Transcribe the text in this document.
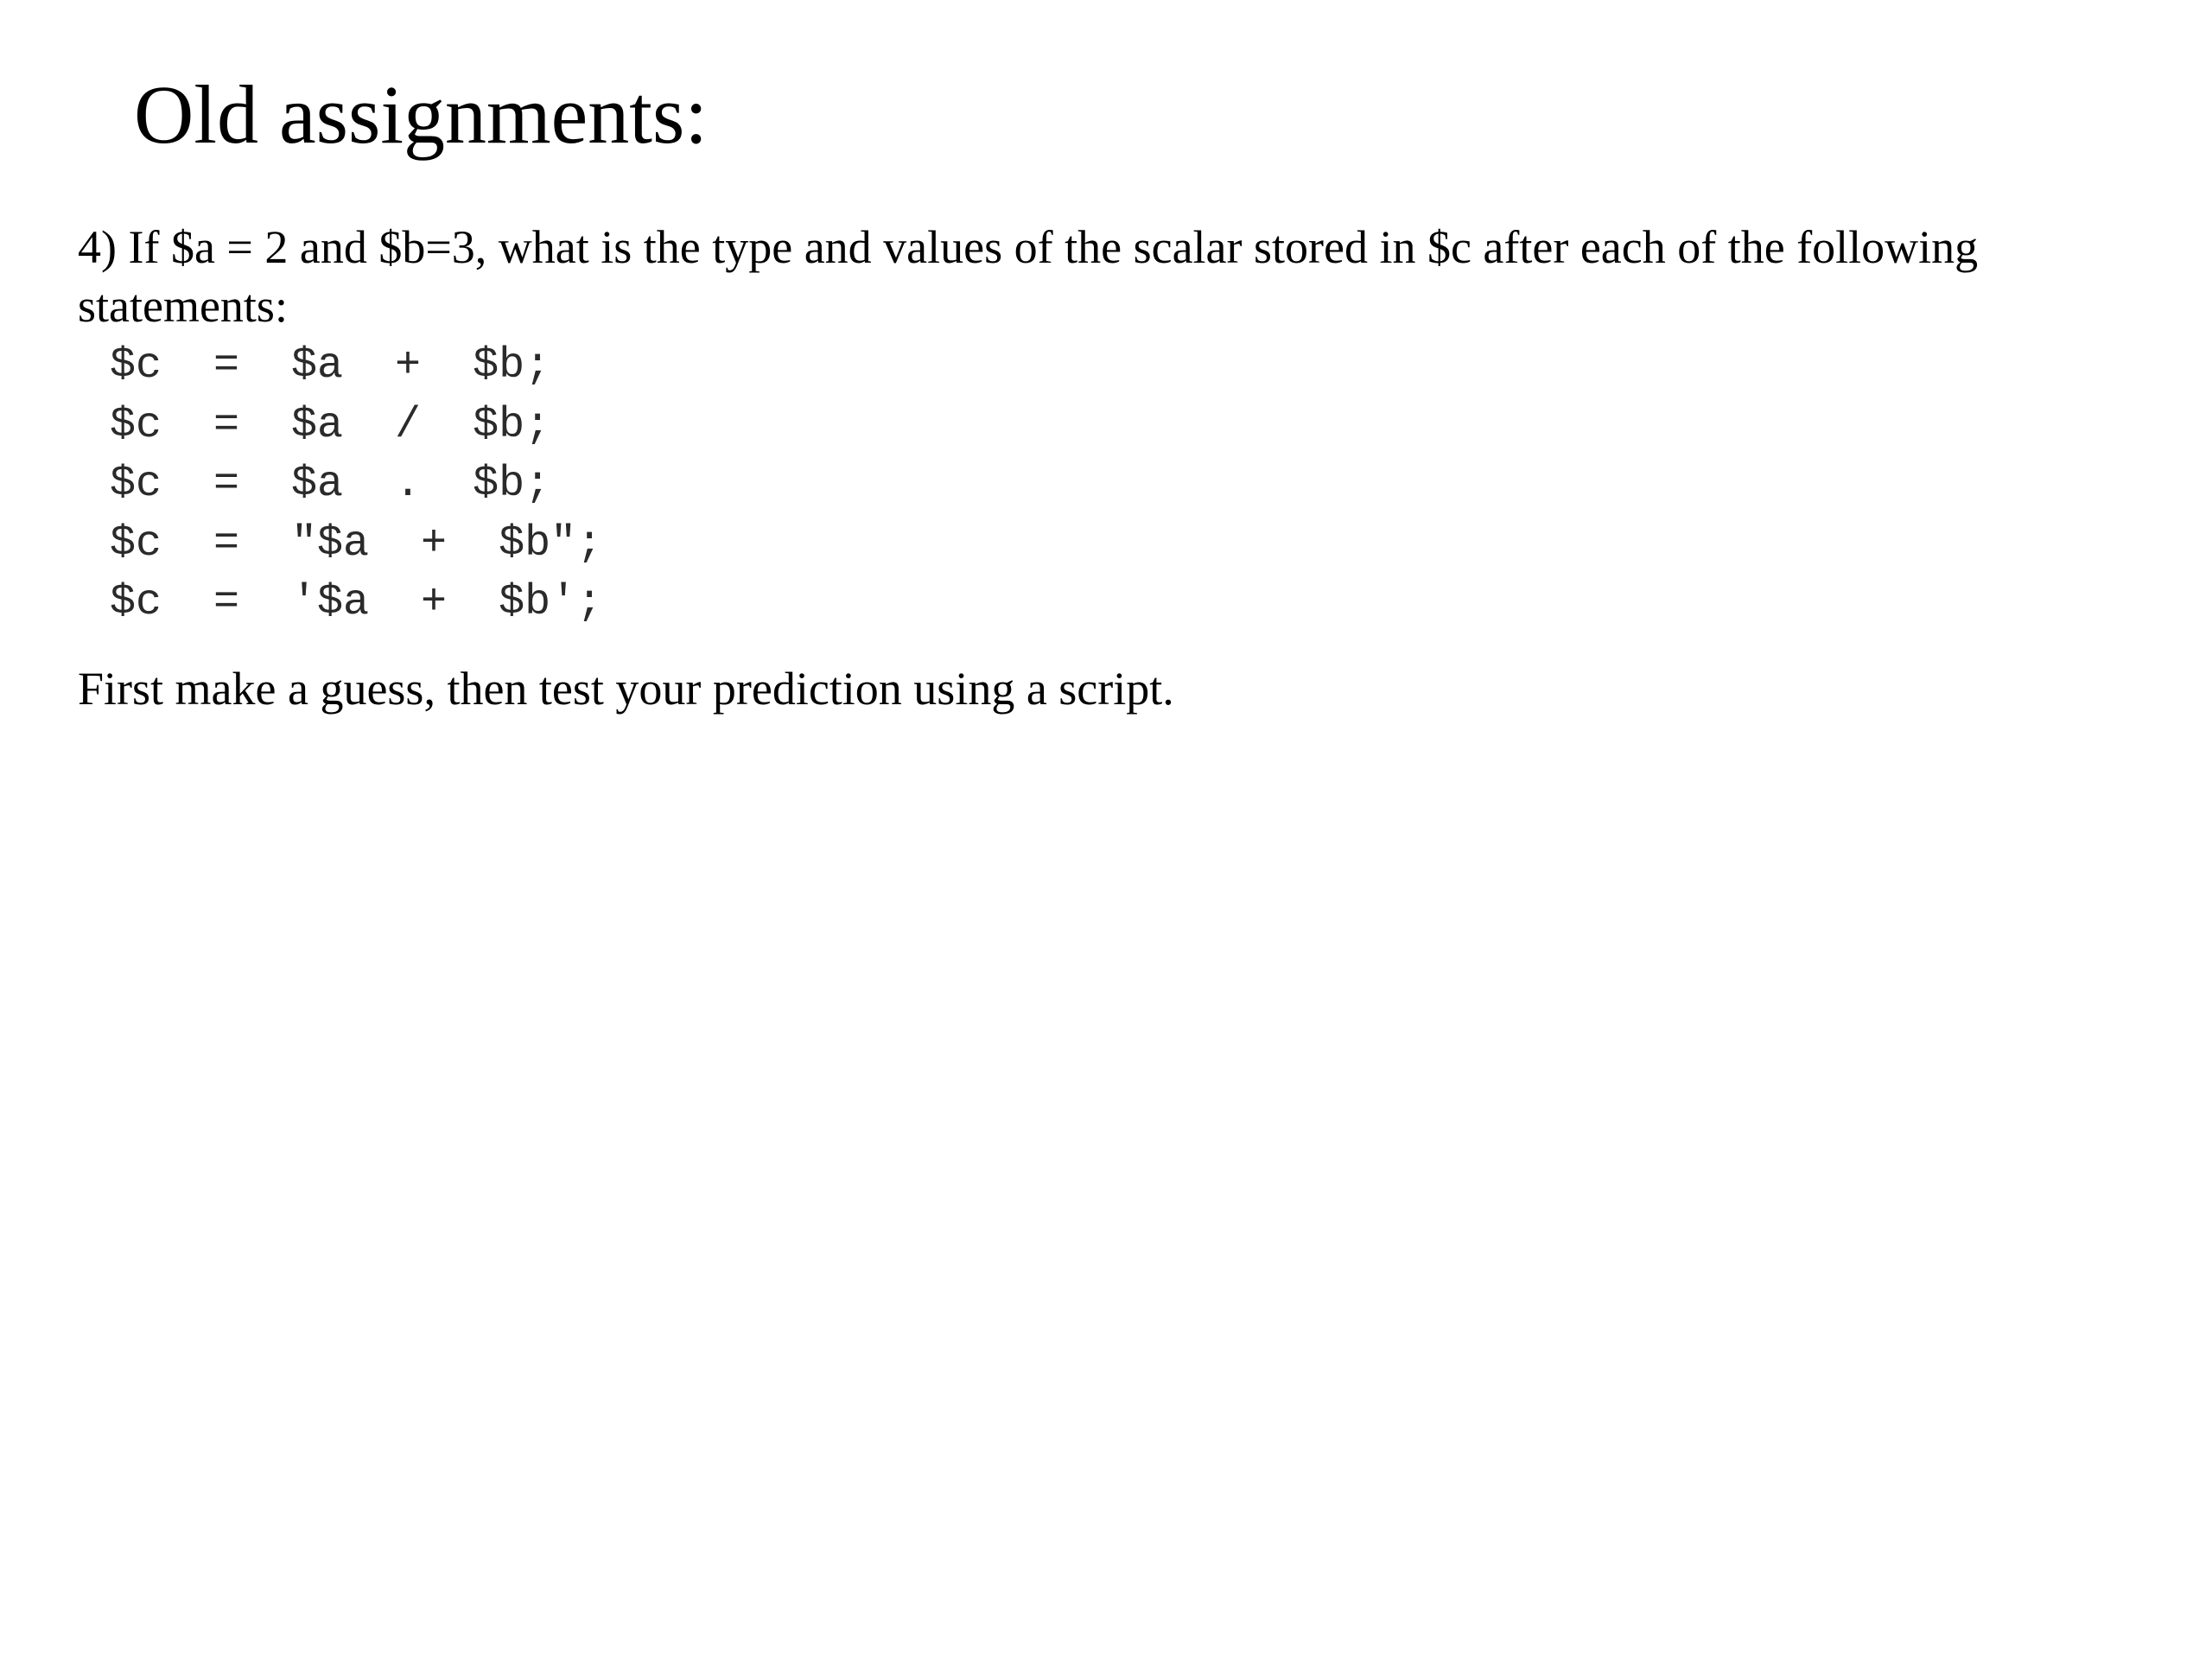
Old assignments:

4) If $a = 2 and $b=3, what is the type and values of the scalar stored in $c after each of the following statements:

$c  =  $a  +  $b;
$c  =  $a  /  $b;
$c  =  $a  .  $b;
$c  =  "$a  +  $b";
$c  =  '$a  +  $b';

First make a guess, then test your prediction using a script.
